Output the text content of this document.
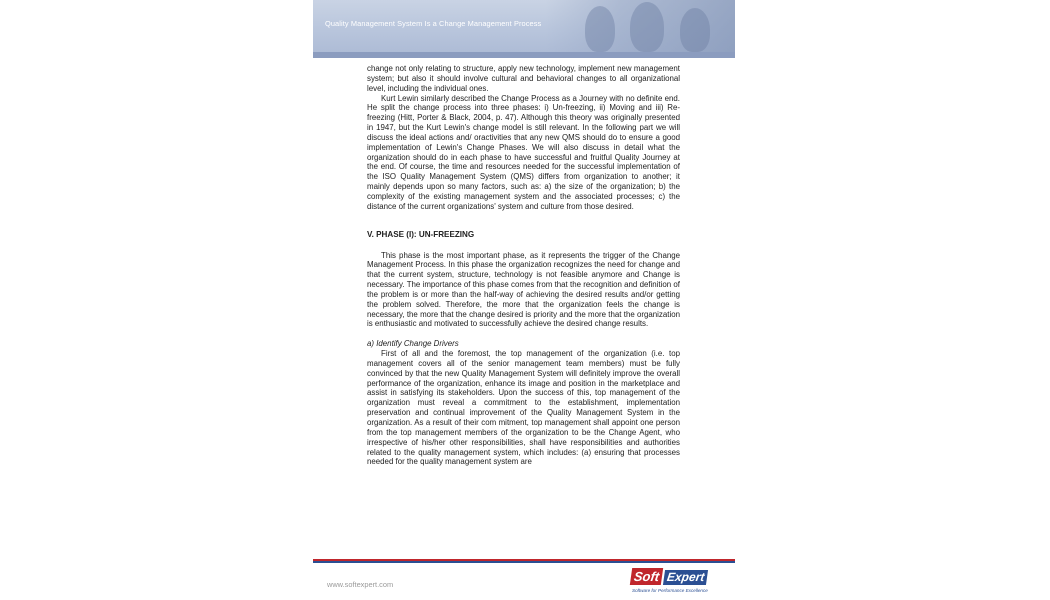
Quality Management System Is a Change Management Process

change not only relating to structure, apply new technology, implement new management system; but also it should involve cultural and behavioral changes to all organizational level, including the individual ones.

Kurt Lewin similarly described the Change Process as a Journey with no definite end. He split the change process into three phases: i) Un-freezing, ii) Moving and iii) Re-freezing (Hitt, Porter & Black, 2004, p. 47). Although this theory was originally presented in 1947, but the Kurt Lewin's change model is still relevant. In the following part we will discuss the ideal actions and/ oractivities that any new QMS should do to ensure a good implementation of Lewin's Change Phases. We will also discuss in detail what the organization should do in each phase to have successful and fruitful Quality Journey at the end. Of course, the time and resources needed for the successful implementation of the ISO Quality Management System (QMS) differs from organization to another; it mainly depends upon so many factors, such as: a) the size of the organization; b) the complexity of the existing management system and the associated processes; c) the distance of the current organizations' system and culture from those desired.

V. PHASE (I): UN-FREEZING

This phase is the most important phase, as it represents the trigger of the Change Management Process. In this phase the organization recognizes the need for change and that the current system, structure, technology is not feasible anymore and Change is necessary. The importance of this phase comes from that the recognition and definition of the problem is or more than the half-way of achieving the desired results and/or getting the problem solved. Therefore, the more that the organization feels the change is necessary, the more that the change desired is priority and the more that the organization is enthusiastic and motivated to successfully achieve the desired change results.

a) Identify Change Drivers

First of all and the foremost, the top management of the organization (i.e. top management covers all of the senior management team members) must be fully convinced by that the new Quality Management System will definitely improve the overall performance of the organization, enhance its image and position in the marketplace and assist in satisfying its stakeholders. Upon the success of this, top management of the organization must reveal a commitment to the establishment, implementation preservation and continual improvement of the Quality Management System in the organization. As a result of their com mitment, top management shall appoint one person from the top management members of the organization to be the Change Agent, who irrespective of his/her other responsibilities, shall have responsibilities and authorities related to the quality management system, which includes: (a) ensuring that processes needed for the quality management system are

www.softexpert.com
Soft Expert
Software for Performance Excellence
